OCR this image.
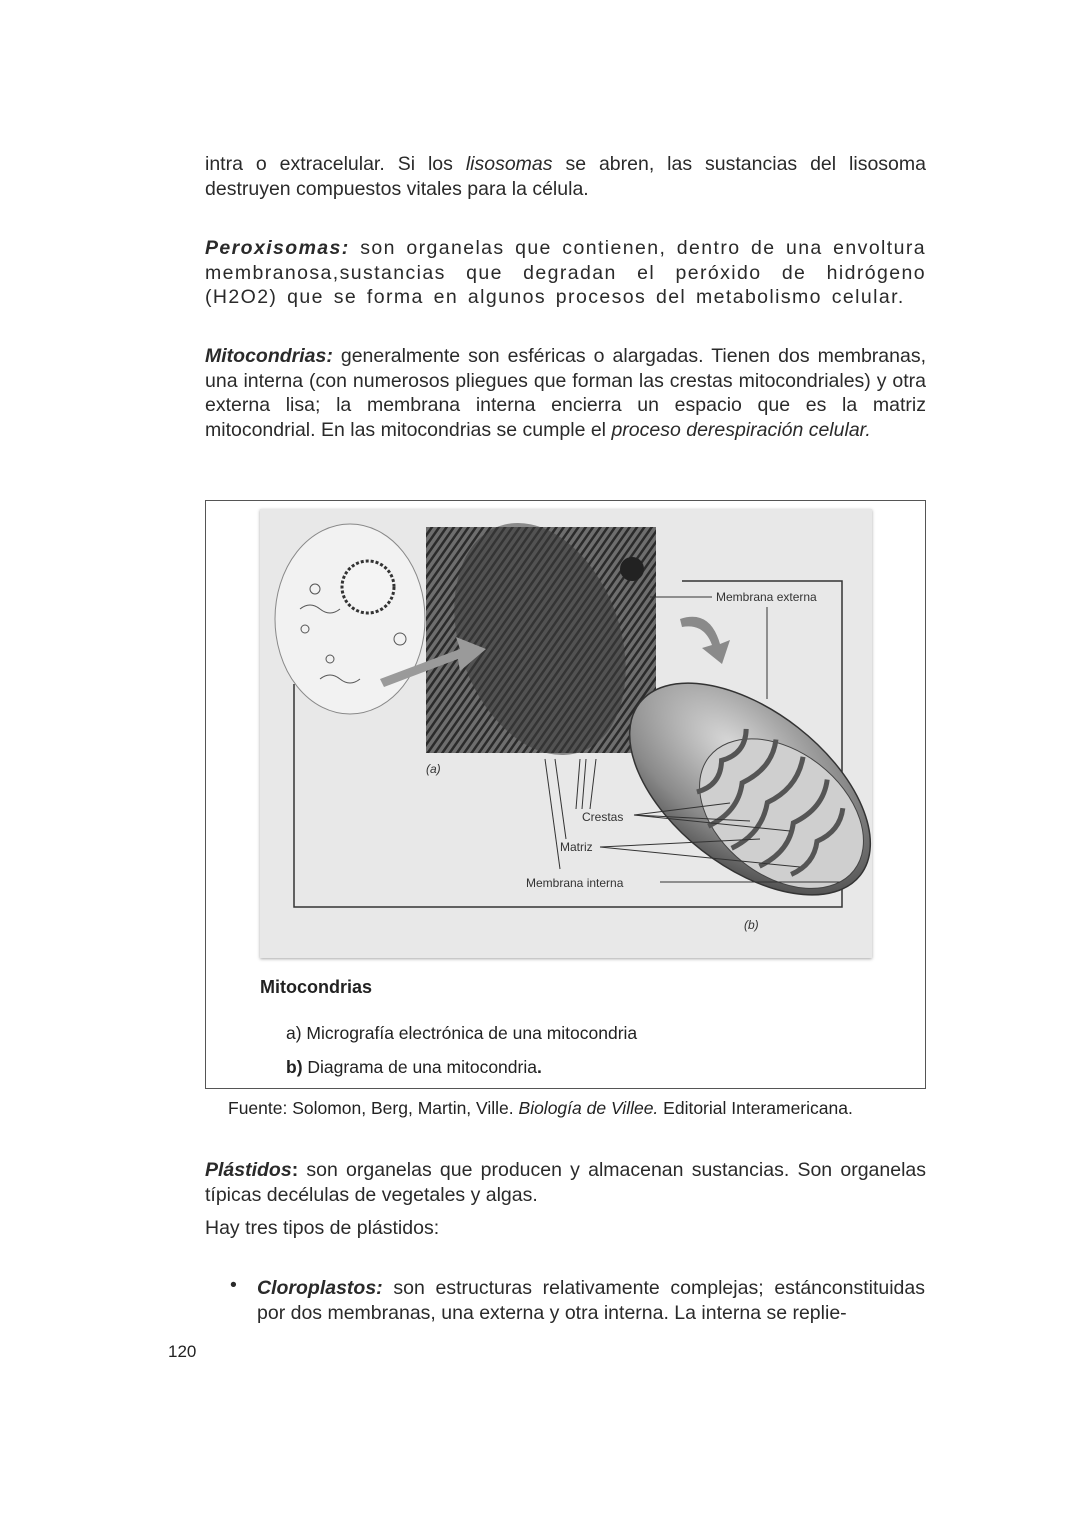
intra o extracelular. Si los lisosomas se abren, las sustancias del lisosoma destruyen compuestos vitales para la célula.

Peroxisomas: son organelas que contienen, dentro de una envoltura membranosa,sustancias que degradan el peróxido de hidrógeno (H2O2) que se forma en algunos procesos del metabolismo celular.

Mitocondrias: generalmente son esféricas o alargadas. Tienen dos membranas, una interna (con numerosos pliegues que forman las crestas mitocondriales) y otra externa lisa; la membrana interna encierra un espacio que es la matriz mitocondrial. En las mitocondrias se cumple el proceso derespiración celular.

Membrana externa
Crestas
Matriz
Membrana interna
(a)
(b)
Mitocondrias
a) Micrografía electrónica de una mitocondria
b) Diagrama de una mitocondria.
Fuente: Solomon, Berg, Martin, Ville. Biología de Villee. Editorial Interamericana.

Plástidos: son organelas que producen y almacenan sustancias. Son organelas típicas decélulas de vegetales y algas.

Hay tres tipos de plástidos:

• Cloroplastos: son estructuras relativamente complejas; estánconstituidas por dos membranas, una externa y otra interna. La interna se replie-

120
